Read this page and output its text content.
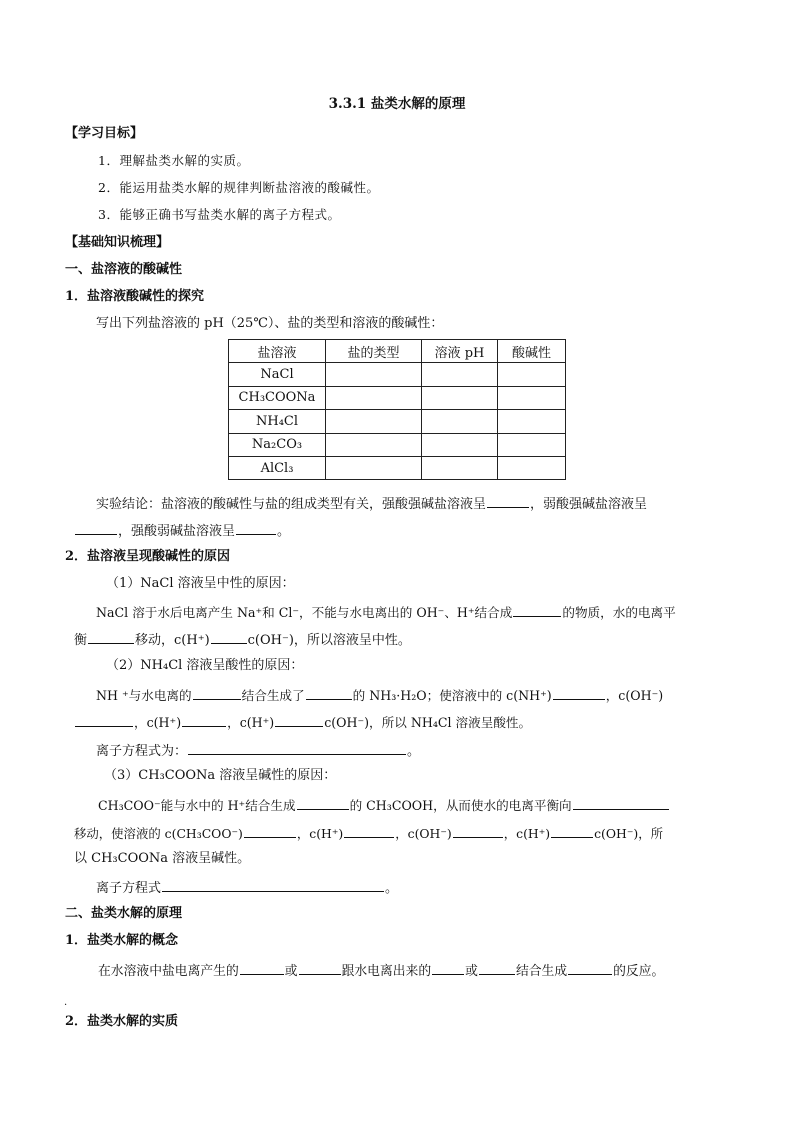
3.3.1 盐类水解的原理
【学习目标】
1．理解盐类水解的实质。
2．能运用盐类水解的规律判断盐溶液的酸碱性。
3．能够正确书写盐类水解的离子方程式。
【基础知识梳理】
一、盐溶液的酸碱性
1．盐溶液酸碱性的探究
写出下列盐溶液的 pH（25℃）、盐的类型和溶液的酸碱性：
盐溶液	盐的类型	溶液 pH	酸碱性
NaCl			
CH₃COONa			
NH₄Cl			
Na₂CO₃			
AlCl₃			
实验结论：盐溶液的酸碱性与盐的组成类型有关，强酸强碱盐溶液呈	，弱酸强碱盐溶液呈
，强酸弱碱盐溶液呈	。
2．盐溶液呈现酸碱性的原因
（1）NaCl 溶液呈中性的原因：
NaCl 溶于水后电离产生 Na⁺和 Cl⁻，不能与水电离出的 OH⁻、H⁺结合成	的物质，水的电离平
衡	移动，c(H⁺)	c(OH⁻)，所以溶液呈中性。
（2）NH₄Cl 溶液呈酸性的原因：
NH ⁺与水电离的	结合生成了	的 NH₃·H₂O；使溶液中的 c(NH⁺)	，c(OH⁻)
，c(H⁺)	，c(H⁺)	c(OH⁻)，所以 NH₄Cl 溶液呈酸性。
离子方程式为：	。
（3）CH₃COONa 溶液呈碱性的原因：
CH₃COO⁻能与水中的 H⁺结合生成	的 CH₃COOH，从而使水的电离平衡向
移动，使溶液的 c(CH₃COO⁻)	，c(H⁺)	，c(OH⁻)	，c(H⁺)	c(OH⁻)，所
以 CH₃COONa 溶液呈碱性。
离子方程式	。
二、盐类水解的原理
1．盐类水解的概念
在水溶液中盐电离产生的	或	跟水电离出来的	或	结合生成	的反应。
.
2．盐类水解的实质
